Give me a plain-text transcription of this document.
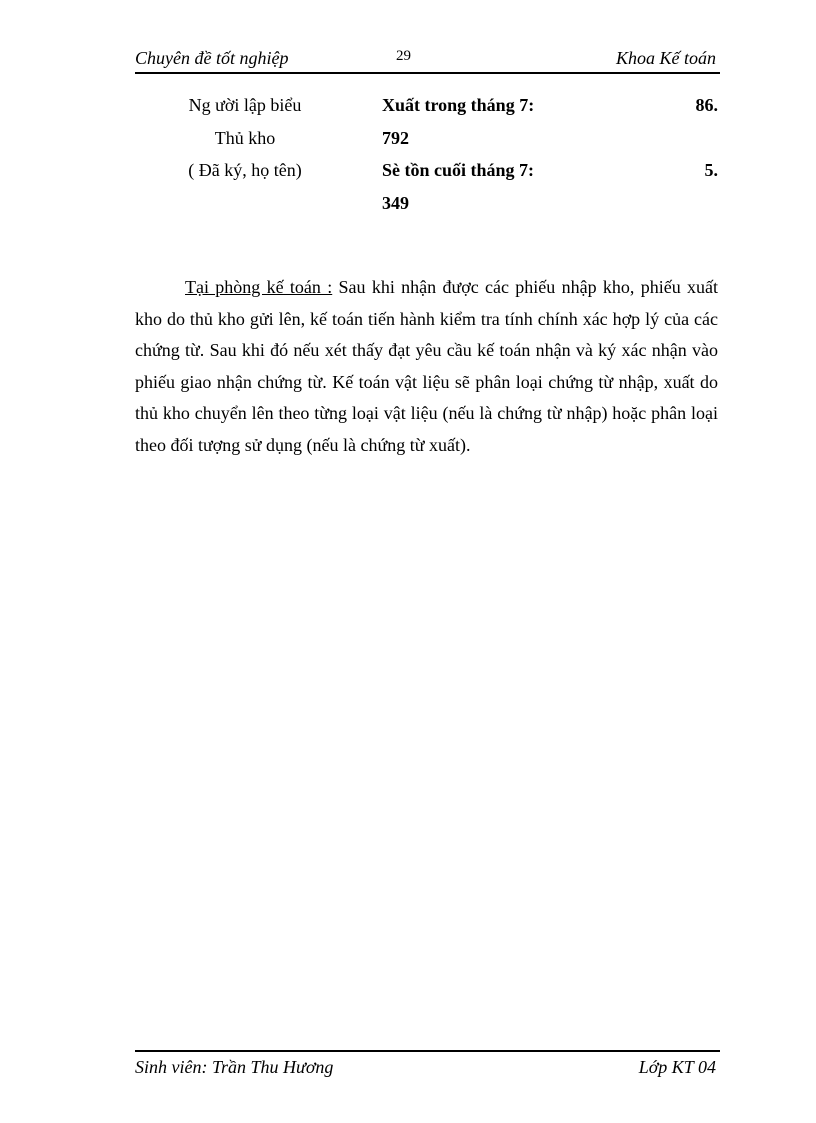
Chuyên đề tốt nghiệp	29	Khoa Kế toán
Ng ười lập biểu
Thủ kho
( Đã ký, họ tên)
Xuất trong tháng 7:	86.
792
Sè tồn cuối tháng 7:	5.
349
Tại phòng kế toán : Sau khi nhận được các phiếu nhập kho, phiếu xuất kho do thủ kho gửi lên, kế toán tiến hành kiểm tra tính chính xác hợp lý của các chứng từ. Sau khi đó nếu xét thấy đạt yêu cầu kế toán nhận và ký xác nhận vào phiếu giao nhận chứng từ. Kế toán vật liệu sẽ phân loại chứng từ nhập, xuất do thủ kho chuyển lên theo từng loại vật liệu (nếu là chứng từ nhập) hoặc phân loại theo đối tượng sử dụng (nếu là chứng từ xuất).
Sinh viên: Trần Thu Hương	Lớp KT 04
